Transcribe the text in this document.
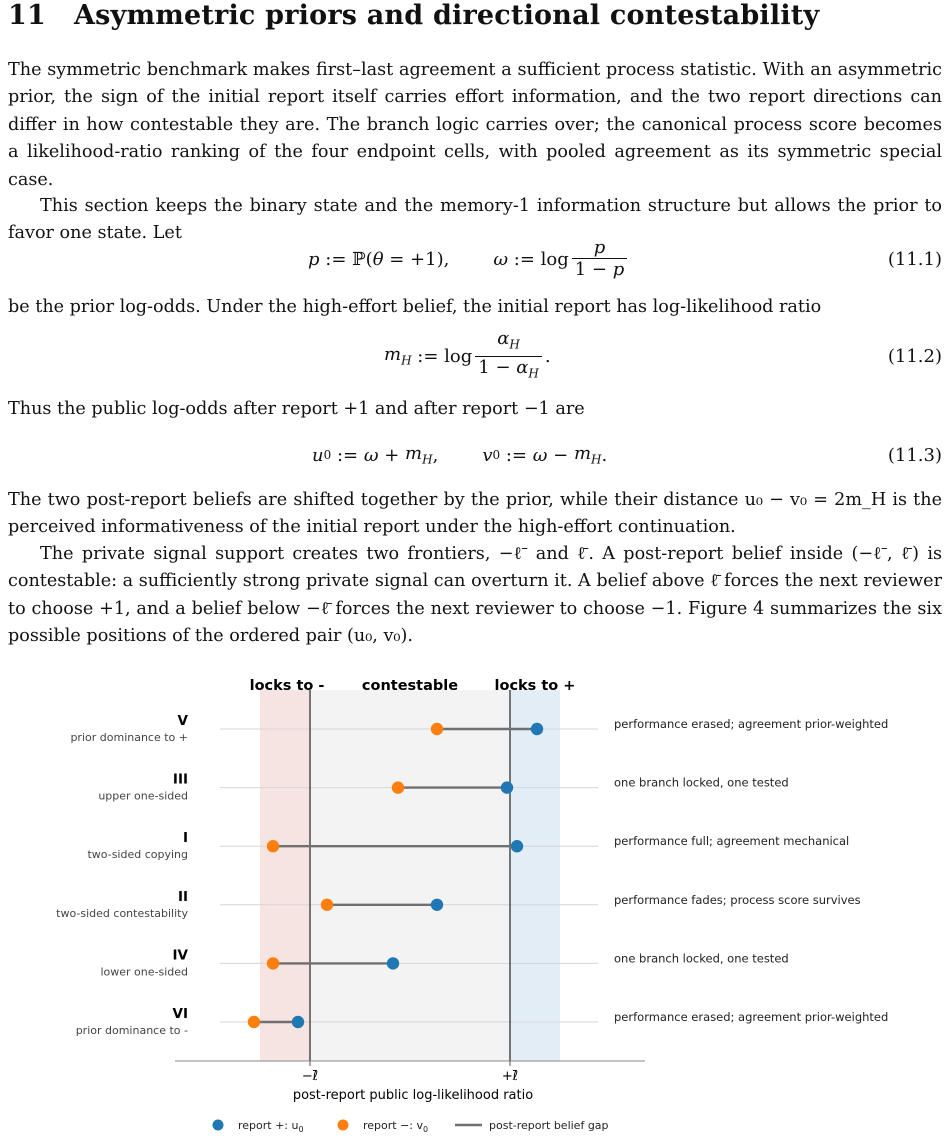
11 Asymmetric priors and directional contestability

The symmetric benchmark makes first–last agreement a sufficient process statistic. With an asymmetric prior, the sign of the initial report itself carries effort information, and the two report directions can differ in how contestable they are. The branch logic carries over; the canonical process score becomes a likelihood-ratio ranking of the four endpoint cells, with pooled agreement as its symmetric special case.

This section keeps the binary state and the memory-1 information structure but allows the prior to favor one state. Let

p := ℙ( θ = +1), ω := $\log \frac{p}{1 - p}$	(11.1)

be the prior log-odds. Under the high-effort belief, the initial report has log-likelihood ratio

$m_H$ := $\log \frac{\alpha_H}{1 - \alpha_H}$ .	(11.2)

Thus the public log-odds after report +1 and after report −1 are

u 0 := $\omega + m_H$ , v 0 := $\omega - m_H$ .	(11.3)

The two post-report beliefs are shifted together by the prior, while their distance u₀ − v₀ = 2m_H is the perceived informativeness of the initial report under the high-effort continuation.

The private signal support creates two frontiers, −ℓ̄ and ℓ̄. A post-report belief inside (−ℓ̄, ℓ̄) is contestable: a sufficiently strong private signal can overturn it. A belief above ℓ̄ forces the next reviewer to choose +1, and a belief below −ℓ̄ forces the next reviewer to choose −1. Figure 4 summarizes the six possible positions of the ordered pair (u₀, v₀).

locks to -	contestable	locks to +
V
prior dominance to +
performance erased; agreement prior-weighted
III
upper one-sided
one branch locked, one tested
I
two-sided copying
performance full; agreement mechanical
II
two-sided contestability
performance fades; process score survives
IV
lower one-sided
one branch locked, one tested
VI
prior dominance to -
performance erased; agreement prior-weighted
−ℓ̄	+ℓ̄
post-report public log-likelihood ratio
report +: $u_0$	report −: $v_0$	post-report belief gap
